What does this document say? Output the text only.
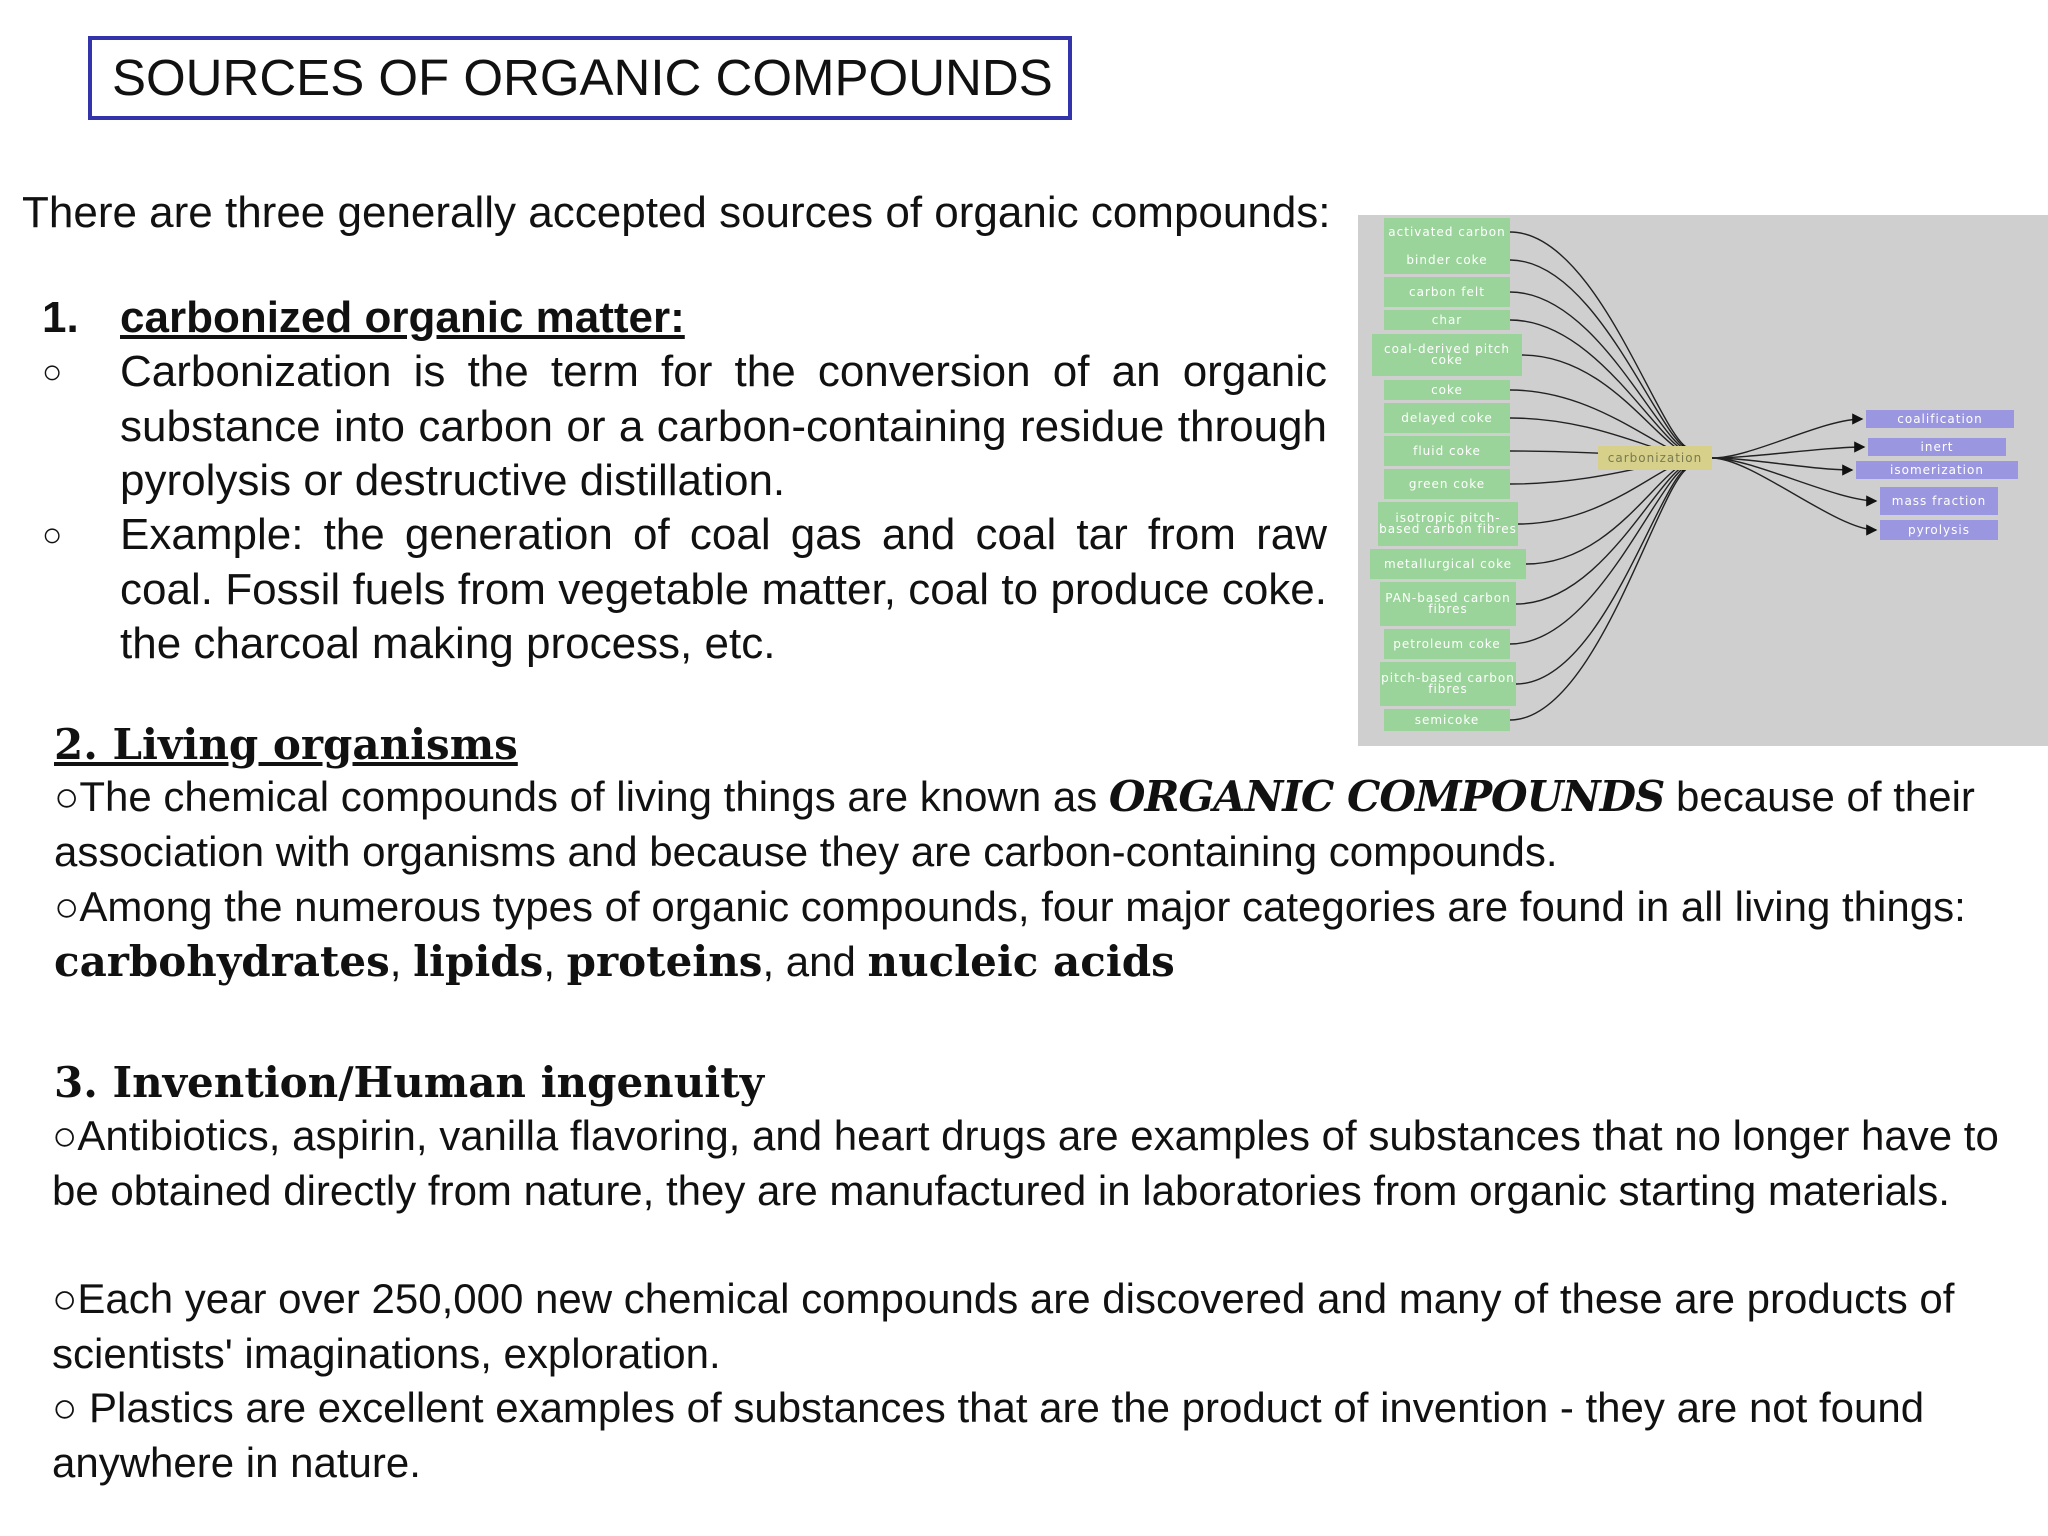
SOURCES OF ORGANIC COMPOUNDS
There are three generally accepted sources of organic compounds:
1. carbonized organic matter:
○ Carbonization is the term for the conversion of an organic substance into carbon or a carbon-containing residue through pyrolysis or destructive distillation.
○ Example: the generation of coal gas and coal tar from raw coal. Fossil fuels from vegetable matter, coal to produce coke. the charcoal making process, etc.
activated carbon
binder coke
carbon felt
char
coal-derived pitch coke
coke
delayed coke
fluid coke
green coke
isotropic pitch-based carbon fibres
metallurgical coke
PAN-based carbon fibres
petroleum coke
pitch-based carbon fibres
semicoke
carbonization
coalification
inert
isomerization
mass fraction
pyrolysis
2. Living organisms
○The chemical compounds of living things are known as ORGANIC COMPOUNDS because of their association with organisms and because they are carbon-containing compounds.
○Among the numerous types of organic compounds, four major categories are found in all living things: carbohydrates, lipids, proteins, and nucleic acids
3. Invention/Human ingenuity
○Antibiotics, aspirin, vanilla flavoring, and heart drugs are examples of substances that no longer have to be obtained directly from nature, they are manufactured in laboratories from organic starting materials.
○Each year over 250,000 new chemical compounds are discovered and many of these are products of scientists' imaginations, exploration.
○ Plastics are excellent examples of substances that are the product of invention - they are not found anywhere in nature.
